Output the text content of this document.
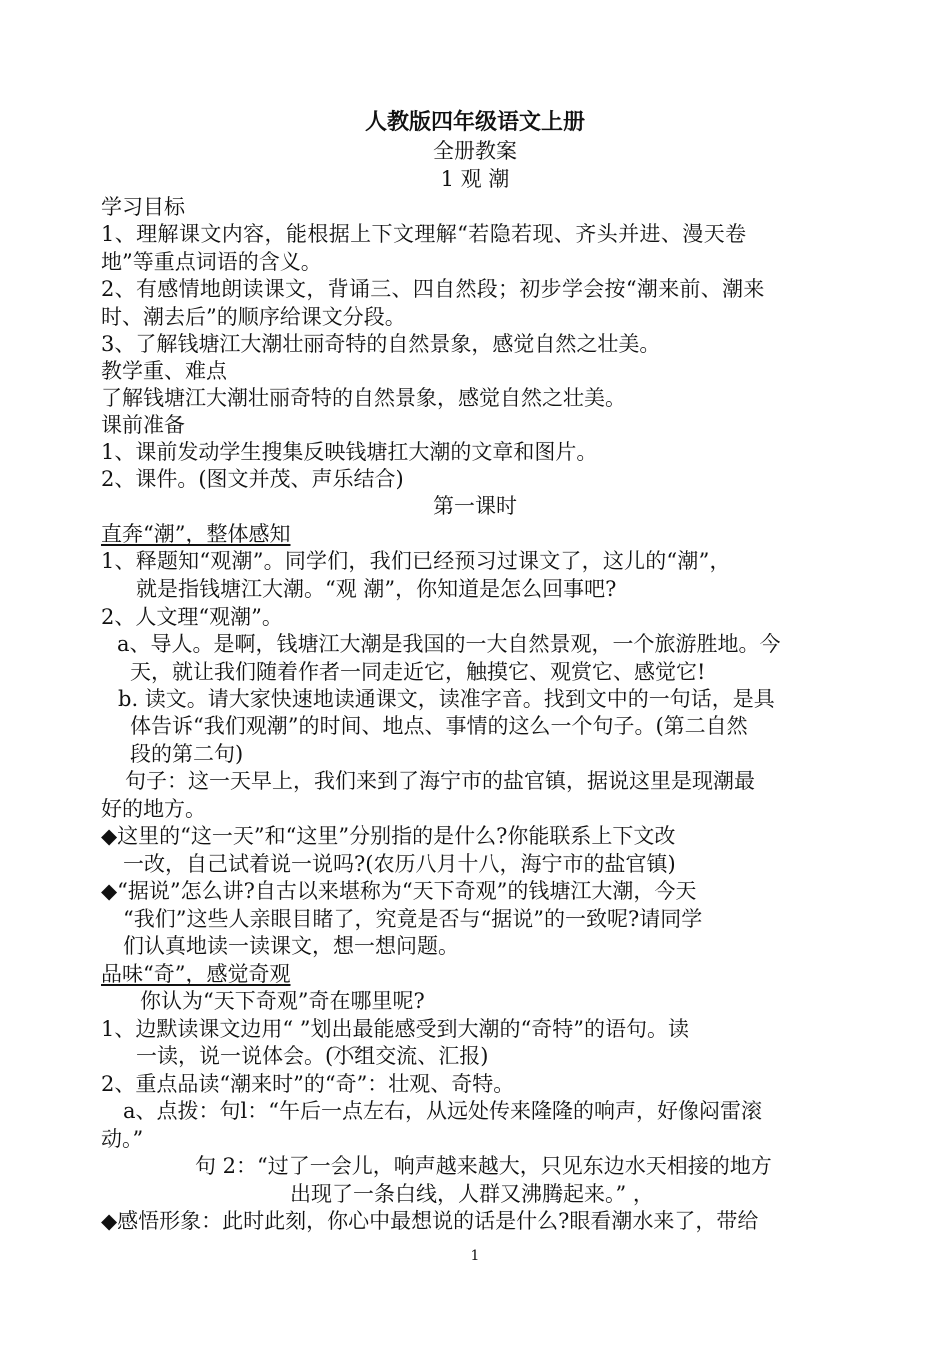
人教版四年级语文上册
全册教案
1 观 潮
学习目标
1、理解课文内容，能根据上下文理解“若隐若现、齐头并进、漫天卷
地”等重点词语的含义。
2、有感情地朗读课文，背诵三、四自然段；初步学会按“潮来前、潮来
时、潮去后”的顺序给课文分段。
3、了解钱塘江大潮壮丽奇特的自然景象，感觉自然之壮美。
教学重、难点
了解钱塘江大潮壮丽奇特的自然景象，感觉自然之壮美。
课前准备
1、课前发动学生搜集反映钱塘扛大潮的文章和图片。
2、课件。(图文并茂、声乐结合)
第一课时
直奔“潮”，整体感知
1、释题知“观潮”。同学们，我们已经预习过课文了，这儿的“潮”，
就是指钱塘江大潮。“观 潮”，你知道是怎么回事吧?
2、人文理“观潮”。
a、导人。是啊，钱塘江大潮是我国的一大自然景观，一个旅游胜地。今
天，就让我们随着作者一同走近它，触摸它、观赏它、感觉它!
b. 读文。请大家快速地读通课文，读准字音。找到文中的一句话，是具
体告诉“我们观潮”的时间、地点、事情的这么一个句子。(第二自然
段的第二句)
句子：这一天早上，我们来到了海宁市的盐官镇，据说这里是现潮最
好的地方。
◆这里的“这一天”和“这里”分别指的是什么?你能联系上下文改
一改，自己试着说一说吗?(农历八月十八，海宁市的盐官镇)
◆“据说”怎么讲?自古以来堪称为“天下奇观”的钱塘江大潮，今天
“我们”这些人亲眼目睹了，究竟是否与“据说”的一致呢?请同学
们认真地读一读课文，想一想问题。
品味“奇”，感觉奇观
你认为“天下奇观”奇在哪里呢?
1、边默读课文边用“ ”划出最能感受到大潮的“奇特”的语句。读
一读，说一说体会。(小组交流、汇报)
2、重点品读“潮来时”的“奇”：壮观、奇特。
a、点拨：句l：“午后一点左右，从远处传来隆隆的响声，好像闷雷滚
动。”
句 2：“过了一会儿，响声越来越大，只见东边水天相接的地方
出现了一条白线，人群又沸腾起来。” ，
◆感悟形象：此时此刻，你心中最想说的话是什么?眼看潮水来了，带给
1
